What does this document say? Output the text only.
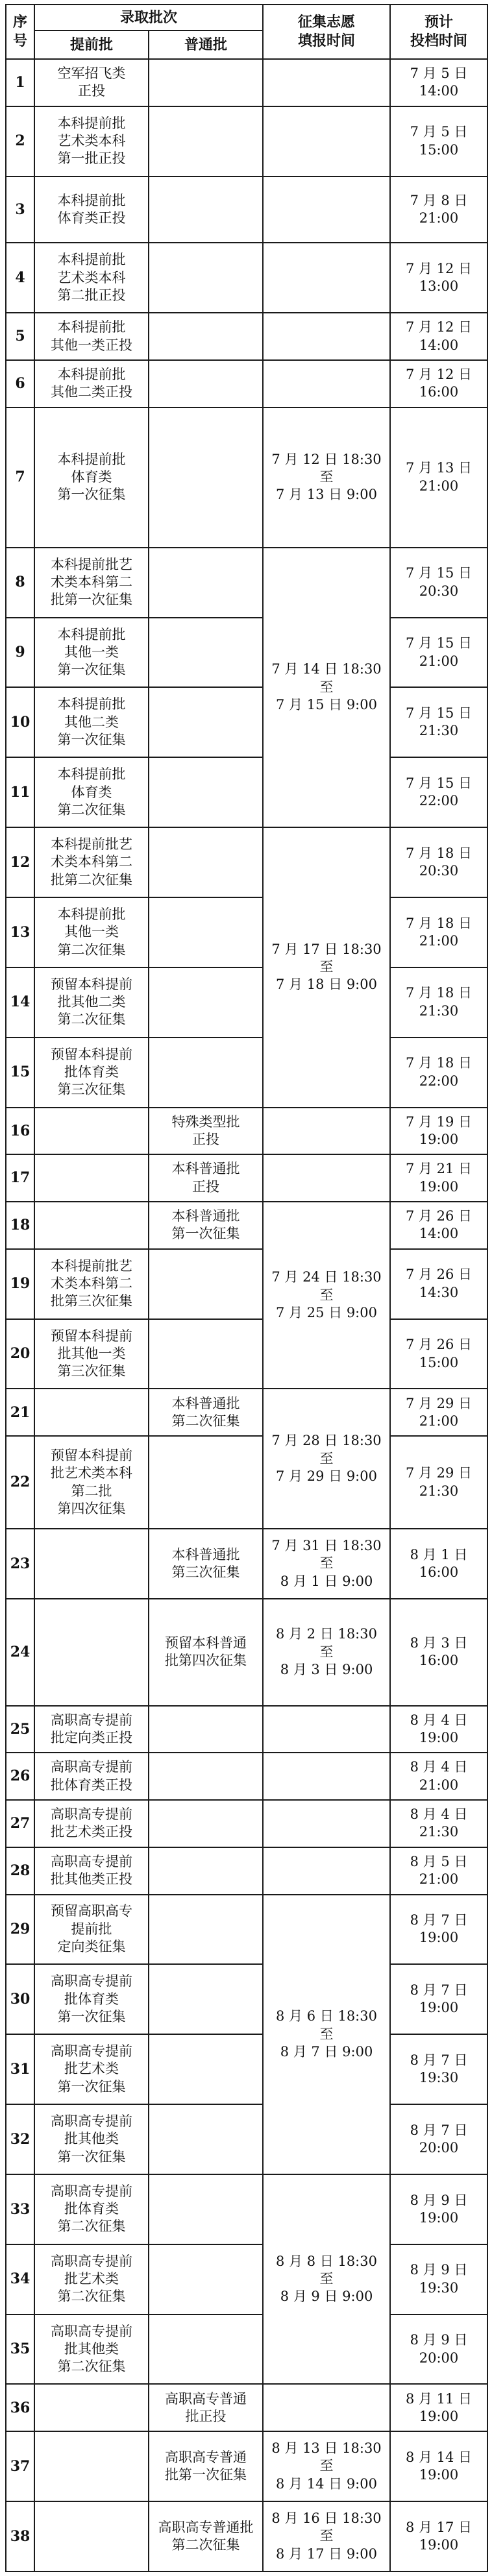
序
号	录取批次		征集志愿
填报时间	预计
投档时间
	提前批	普通批		
1	空军招飞类
正投			7 月 5 日
14:00
2	本科提前批
艺术类本科
第一批正投			7 月 5 日
15:00
3	本科提前批
体育类正投			7 月 8 日
21:00
4	本科提前批
艺术类本科
第二批正投			7 月 12 日
13:00
5	本科提前批
其他一类正投			7 月 12 日
14:00
6	本科提前批
其他二类正投			7 月 12 日
16:00
7	本科提前批
体育类
第一次征集		7 月 12 日 18:30
至
7 月 13 日 9:00	7 月 13 日
21:00
8	本科提前批艺
术类本科第二
批第一次征集		7 月 14 日 18:30
至
7 月 15 日 9:00	7 月 15 日
20:30
9	本科提前批
其他一类
第一次征集			7 月 15 日
21:00
10	本科提前批
其他二类
第一次征集			7 月 15 日
21:30
11	本科提前批
体育类
第二次征集			7 月 15 日
22:00
12	本科提前批艺
术类本科第二
批第二次征集		7 月 17 日 18:30
至
7 月 18 日 9:00	7 月 18 日
20:30
13	本科提前批
其他一类
第二次征集			7 月 18 日
21:00
14	预留本科提前
批其他二类
第二次征集			7 月 18 日
21:30
15	预留本科提前
批体育类
第三次征集			7 月 18 日
22:00
16		特殊类型批
正投		7 月 19 日
19:00
17		本科普通批
正投		7 月 21 日
19:00
18		本科普通批
第一次征集	7 月 24 日 18:30
至
7 月 25 日 9:00	7 月 26 日
14:00
19	本科提前批艺
术类本科第二
批第三次征集			7 月 26 日
14:30
20	预留本科提前
批其他一类
第三次征集			7 月 26 日
15:00
21		本科普通批
第二次征集	7 月 28 日 18:30
至
7 月 29 日 9:00	7 月 29 日
21:00
22	预留本科提前
批艺术类本科
第二批
第四次征集			7 月 29 日
21:30
23		本科普通批
第三次征集	7 月 31 日 18:30
至
8 月 1 日 9:00	8 月 1 日
16:00
24		预留本科普通
批第四次征集	8 月 2 日 18:30
至
8 月 3 日 9:00	8 月 3 日
16:00
25	高职高专提前
批定向类正投			8 月 4 日
19:00
26	高职高专提前
批体育类正投			8 月 4 日
21:00
27	高职高专提前
批艺术类正投			8 月 4 日
21:30
28	高职高专提前
批其他类正投			8 月 5 日
21:00
29	预留高职高专
提前批
定向类征集		8 月 6 日 18:30
至
8 月 7 日 9:00	8 月 7 日
19:00
30	高职高专提前
批体育类
第一次征集			8 月 7 日
19:00
31	高职高专提前
批艺术类
第一次征集			8 月 7 日
19:30
32	高职高专提前
批其他类
第一次征集			8 月 7 日
20:00
33	高职高专提前
批体育类
第二次征集		8 月 8 日 18:30
至
8 月 9 日 9:00	8 月 9 日
19:00
34	高职高专提前
批艺术类
第二次征集			8 月 9 日
19:30
35	高职高专提前
批其他类
第二次征集			8 月 9 日
20:00
36		高职高专普通
批正投		8 月 11 日
19:00
37		高职高专普通
批第一次征集	8 月 13 日 18:30
至
8 月 14 日 9:00	8 月 14 日
19:00
38		高职高专普通批
第二次征集	8 月 16 日 18:30
至
8 月 17 日 9:00	8 月 17 日
19:00
